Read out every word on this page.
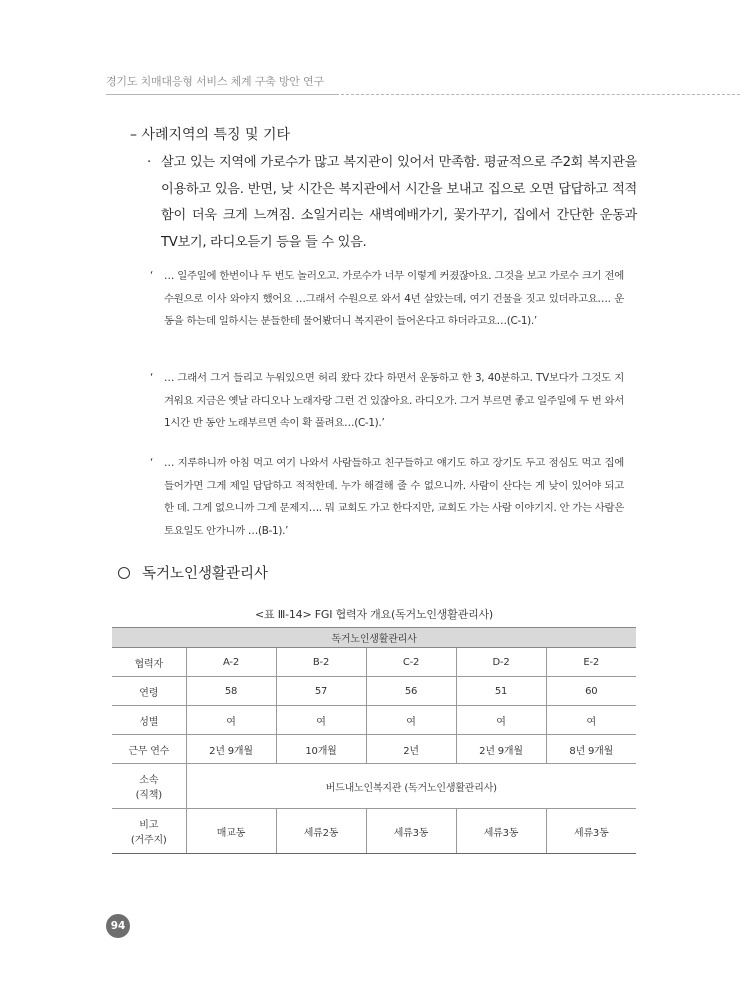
경기도 치매대응형 서비스 체계 구축 방안 연구
– 사례지역의 특징 및 기타
· 살고 있는 지역에 가로수가 많고 복지관이 있어서 만족함. 평균적으로 주2회 복지관을 이용하고 있음. 반면, 낮 시간은 복지관에서 시간을 보내고 집으로 오면 답답하고 적적함이 더욱 크게 느껴짐. 소일거리는 새벽예배가기, 꽃가꾸기, 집에서 간단한 운동과 TV보기, 라디오듣기 등을 들 수 있음.
‘	… 일주일에 한번이나 두 번도 놀러오고. 가로수가 너무 이렇게 커졌잖아요. 그것을 보고 가로수 크기 전에 수원으로 이사 와야지 했어요 …그래서 수원으로 와서 4년 살았는데, 여기 건물을 짓고 있더라고요…. 운동을 하는데 일하시는 분들한테 물어봤더니 복지관이 들어온다고 하더라고요…(C-1).’
‘	… 그래서 그거 들리고 누워있으면 허리 왔다 갔다 하면서 운동하고 한 3, 40분하고. TV보다가 그것도 지겨워요 지금은 옛날 라디오나 노래자랑 그런 건 있잖아요. 라디오가. 그거 부르면 좋고 일주일에 두 번 와서 1시간 반 동안 노래부르면 속이 확 풀려요…(C-1).’
‘	… 지루하니까 아침 먹고 여기 나와서 사람들하고 친구들하고 얘기도 하고 장기도 두고 점심도 먹고 집에 들어가면 그게 제일 답답하고 적적한데. 누가 해결해 줄 수 없으니까. 사람이 산다는 게 낮이 있어야 되고 한 데. 그게 없으니까 그게 문제지…. 뭐 교회도 가고 한다지만, 교회도 가는 사람 이야기지. 안 가는 사람은 토요일도 안가니까 …(B-1).’
독거노인생활관리사
<표 Ⅲ-14> FGI 협력자 개요(독거노인생활관리사)
독거노인생활관리사					
협력자	A-2	B-2	C-2	D-2	E-2
연령	58	57	56	51	60
성별	여	여	여	여	여
근무 연수	2년 9개월	10개월	2년	2년 9개월	8년 9개월

소속
(직책)	버드내노인복지관 (독거노인생활관리사)				

비고
(거주지)	매교동	세류2동	세류3동	세류3동	세류3동
94
